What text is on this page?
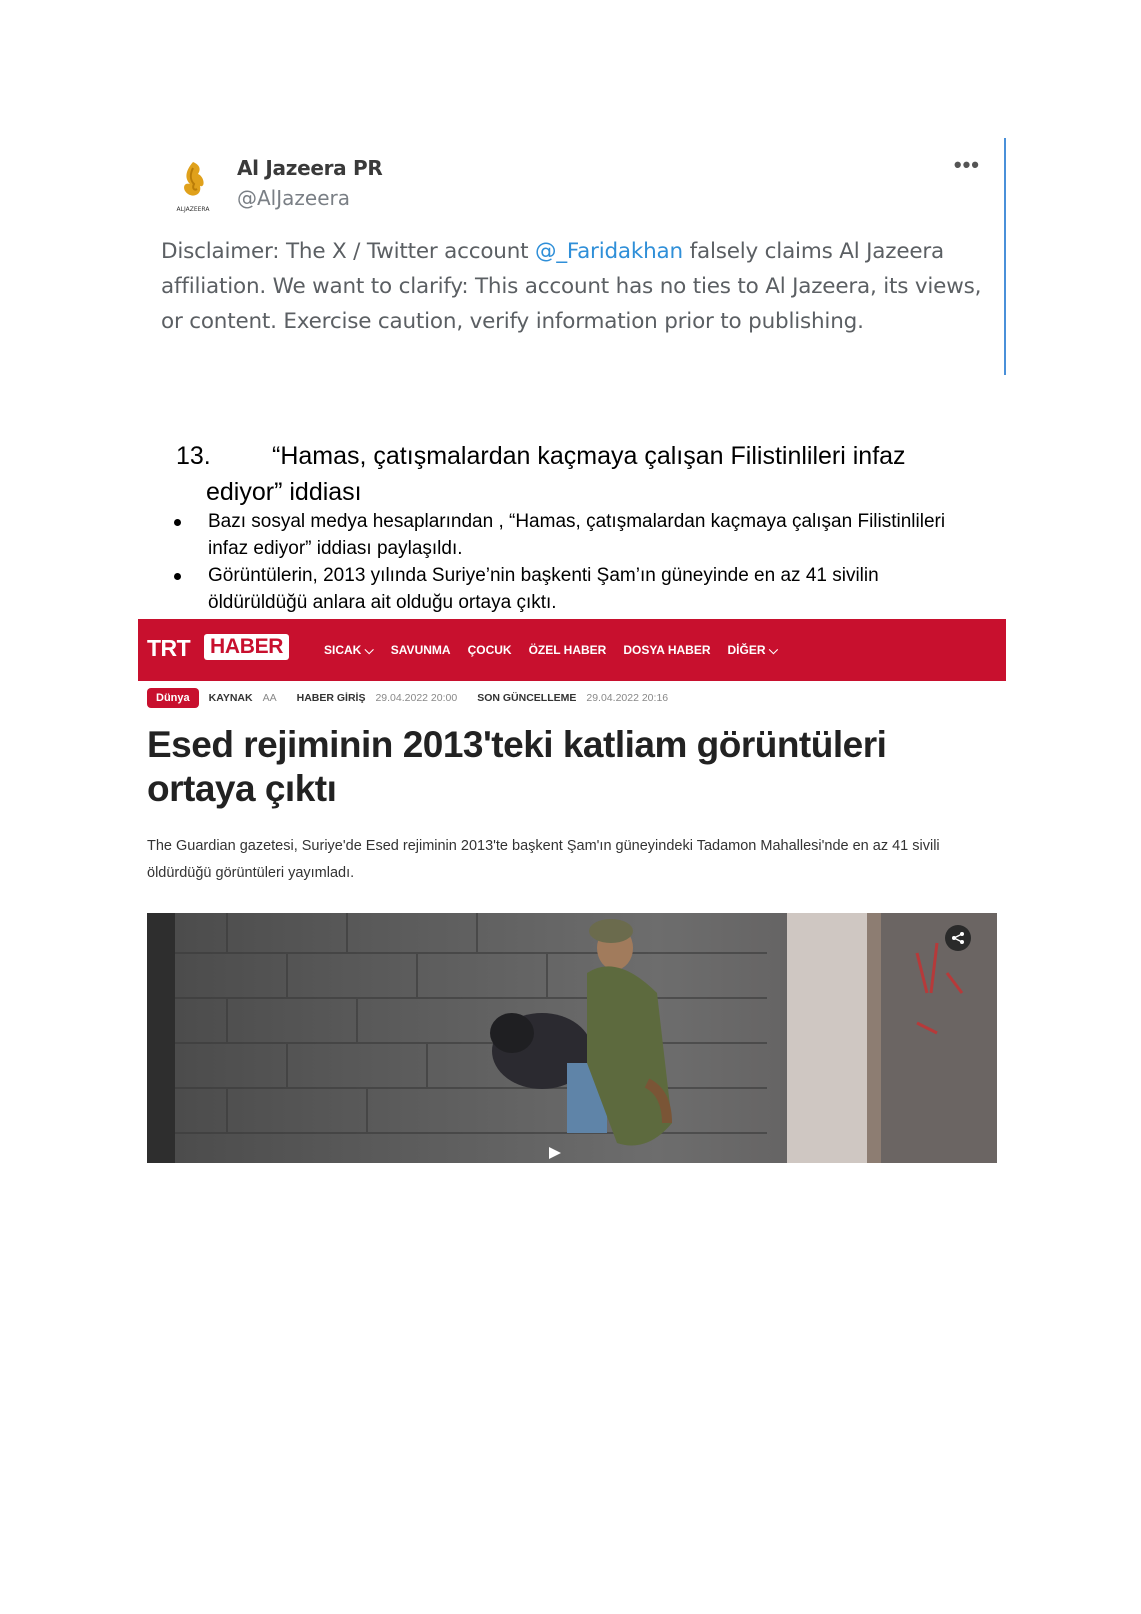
ALJAZEERA
Al Jazeera PR
@AlJazeera
•••
Disclaimer: The X / Twitter account @_Faridakhan falsely claims Al Jazeera affiliation. We want to clarify: This account has no ties to Al Jazeera, its views, or content. Exercise caution, verify information prior to publishing.
13. “Hamas, çatışmalardan kaçmaya çalışan Filistinlileri infaz
ediyor” iddiası
Bazı sosyal medya hesaplarından , “Hamas, çatışmalardan kaçmaya çalışan Filistinlileri infaz ediyor” iddiası paylaşıldı.
Görüntülerin, 2013 yılında Suriye’nin başkenti Şam’ın güneyinde en az 41 sivilin öldürüldüğü anlara ait olduğu ortaya çıktı.
TRT HABER	SICAK ⌵ SAVUNMA ÇOCUK ÖZEL HABER DOSYA HABER DİĞER ⌵
Dünya	KAYNAK AA HABER GİRİŞ 29.04.2022 20:00 SON GÜNCELLEME 29.04.2022 20:16
Esed rejiminin 2013'teki katliam görüntüleri ortaya çıktı
The Guardian gazetesi, Suriye'de Esed rejiminin 2013'te başkent Şam'ın güneyindeki Tadamon Mahallesi'nde en az 41 sivili öldürdüğü görüntüleri yayımladı.
